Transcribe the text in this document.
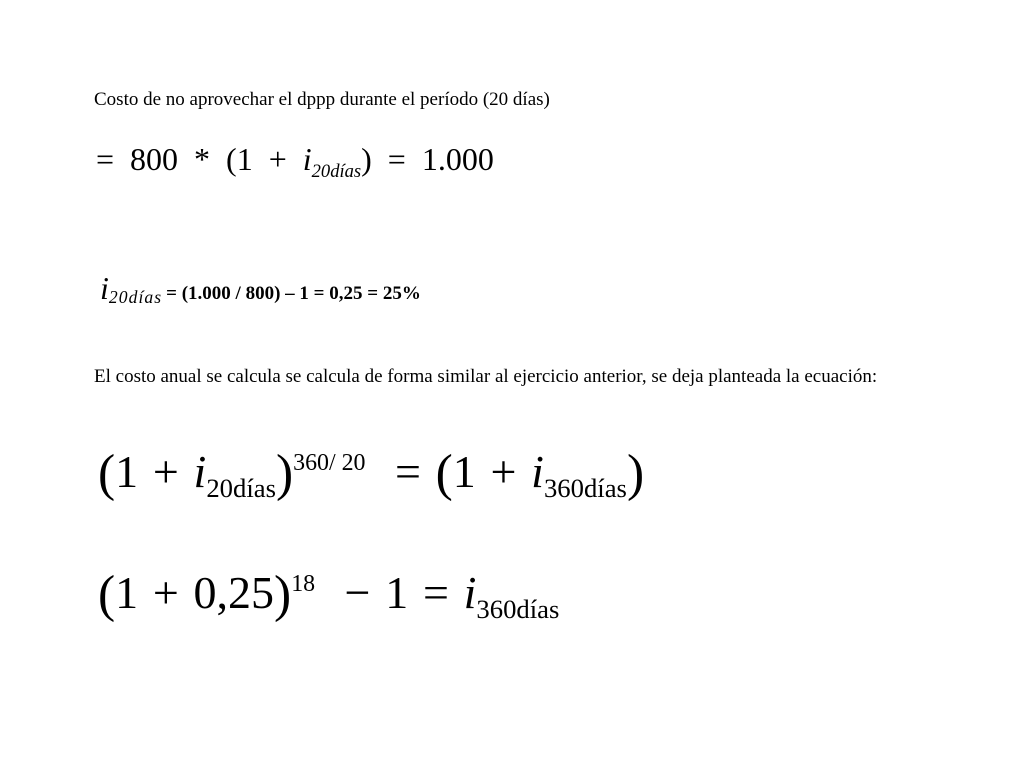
Costo de no aprovechar el dppp durante el período (20 días)
=  $800 * (1 + i_{20días}) = 1.000$
i20días = (1.000 / 800) – 1 = 0,25 = 25%
El costo anual se calcula se calcula de forma similar al ejercicio anterior, se deja planteada la ecuación:
$(1 + i_{20días})^{360/ 20} = (1 + i_{360días})$
$(1 + 0,25)^{18} - 1 = i_{360días}$
